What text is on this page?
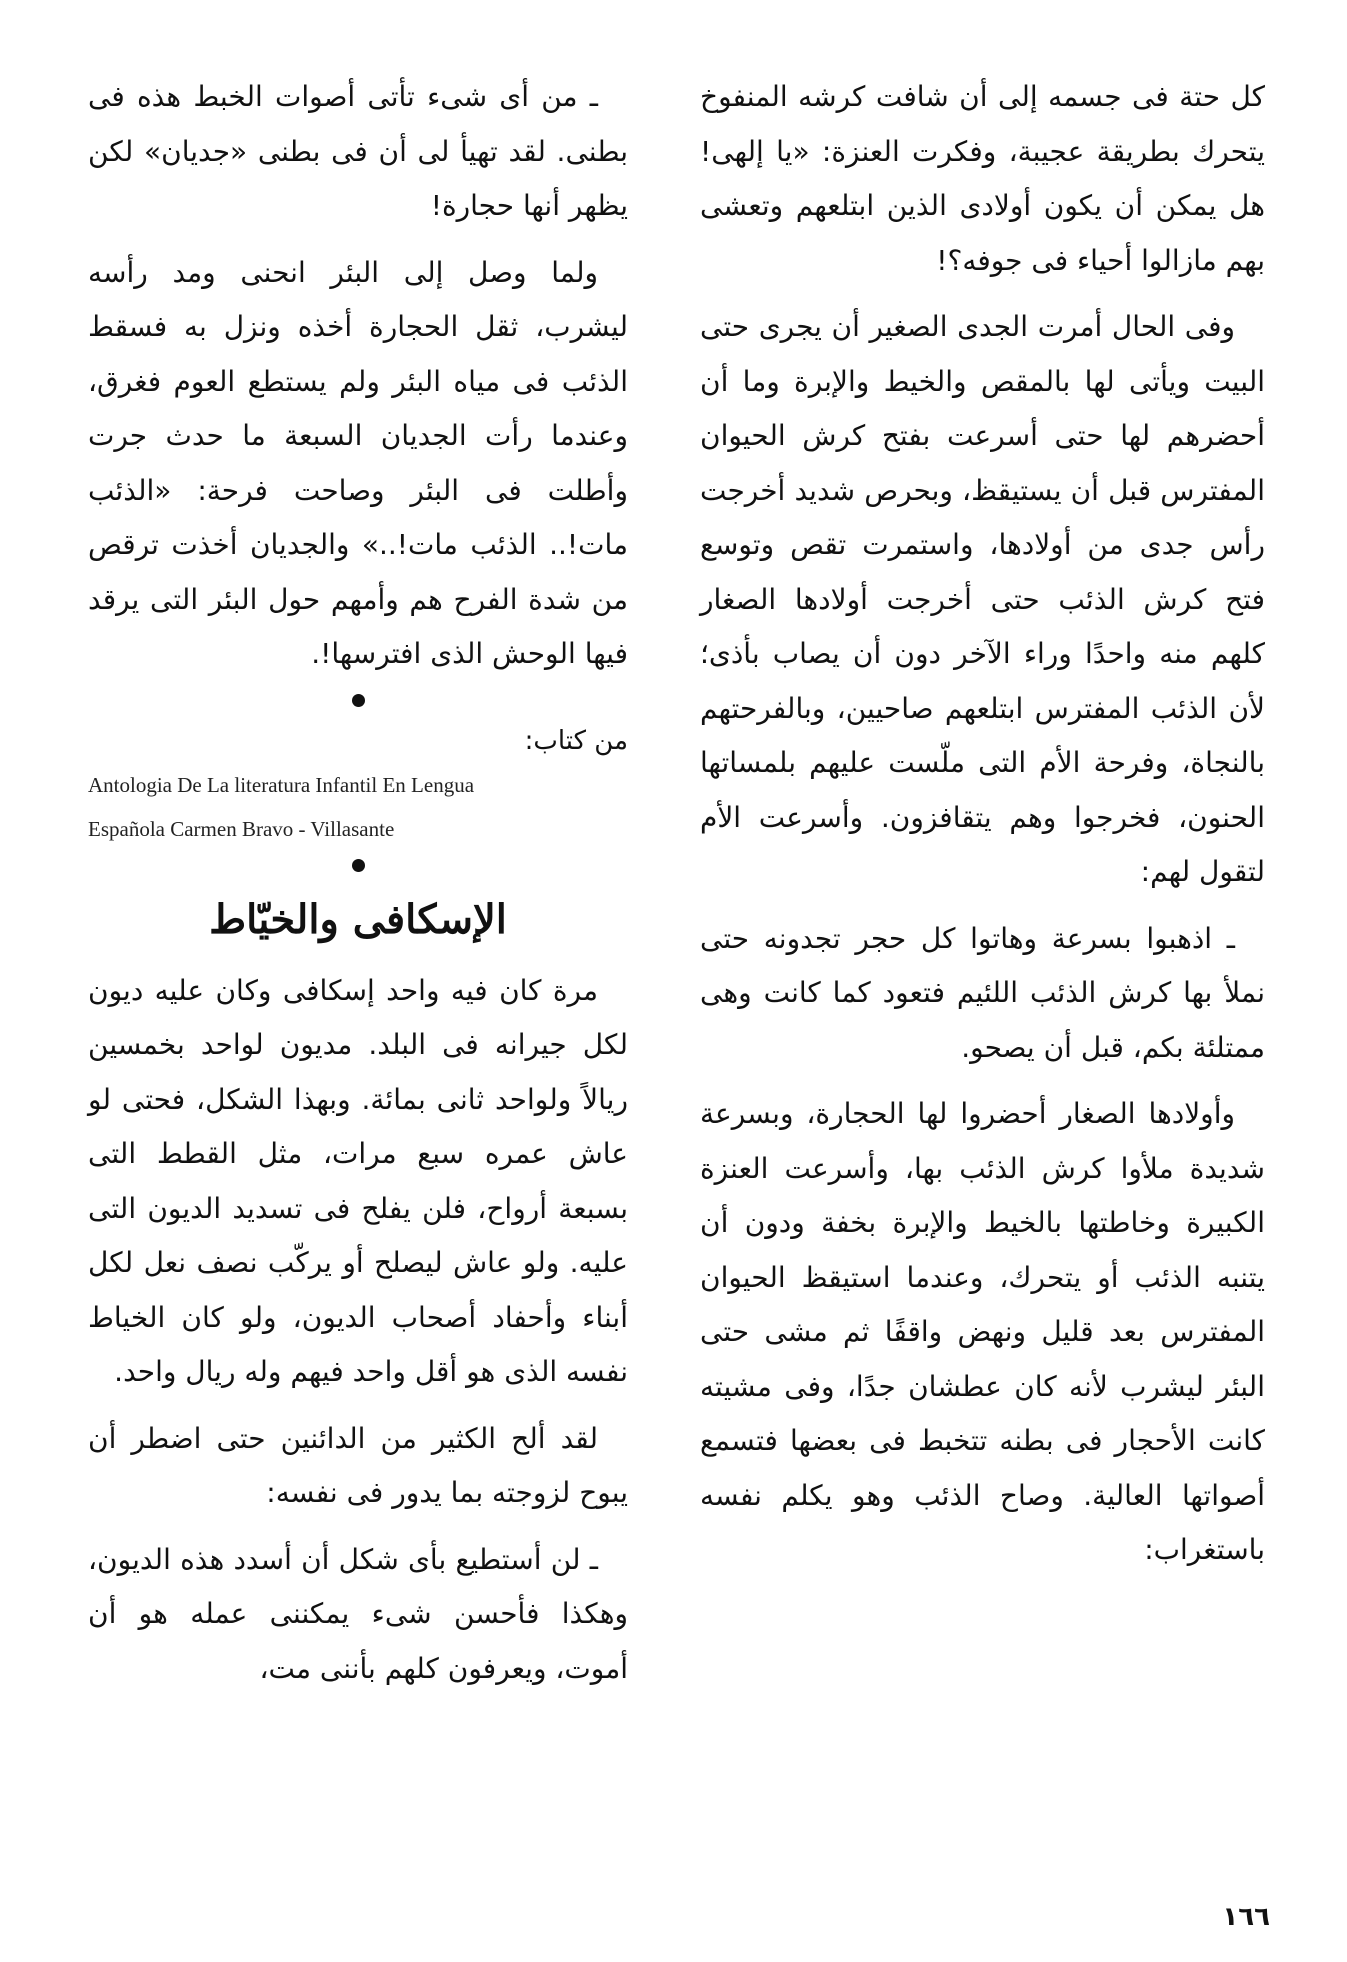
كل حتة فى جسمه إلى أن شافت كرشه المنفوخ يتحرك بطريقة عجيبة، وفكرت العنزة: «يا إلهى! هل يمكن أن يكون أولادى الذين ابتلعهم وتعشى بهم مازالوا أحياء فى جوفه؟!

وفى الحال أمرت الجدى الصغير أن يجرى حتى البيت ويأتى لها بالمقص والخيط والإبرة وما أن أحضرهم لها حتى أسرعت بفتح كرش الحيوان المفترس قبل أن يستيقظ، وبحرص شديد أخرجت رأس جدى من أولادها، واستمرت تقص وتوسع فتح كرش الذئب حتى أخرجت أولادها الصغار كلهم منه واحدًا وراء الآخر دون أن يصاب بأذى؛ لأن الذئب المفترس ابتلعهم صاحيين، وبالفرحتهم بالنجاة، وفرحة الأم التى ملّست عليهم بلمساتها الحنون، فخرجوا وهم يتقافزون. وأسرعت الأم لتقول لهم:

ـ اذهبوا بسرعة وهاتوا كل حجر تجدونه حتى نملأ بها كرش الذئب اللئيم فتعود كما كانت وهى ممتلئة بكم، قبل أن يصحو.

وأولادها الصغار أحضروا لها الحجارة، وبسرعة شديدة ملأوا كرش الذئب بها، وأسرعت العنزة الكبيرة وخاطتها بالخيط والإبرة بخفة ودون أن يتنبه الذئب أو يتحرك، وعندما استيقظ الحيوان المفترس بعد قليل ونهض واقفًا ثم مشى حتى البئر ليشرب لأنه كان عطشان جدًا، وفى مشيته كانت الأحجار فى بطنه تتخبط فى بعضها فتسمع أصواتها العالية. وصاح الذئب وهو يكلم نفسه باستغراب:

ـ من أى شىء تأتى أصوات الخبط هذه فى بطنى. لقد تهيأ لى أن فى بطنى «جديان» لكن يظهر أنها حجارة!

ولما وصل إلى البئر انحنى ومد رأسه ليشرب، ثقل الحجارة أخذه ونزل به فسقط الذئب فى مياه البئر ولم يستطع العوم فغرق، وعندما رأت الجديان السبعة ما حدث جرت وأطلت فى البئر وصاحت فرحة: «الذئب مات!.. الذئب مات!..» والجديان أخذت ترقص من شدة الفرح هم وأمهم حول البئر التى يرقد فيها الوحش الذى افترسها!.

من كتاب:
Antologia De La literatura Infantil En Lengua
Española Carmen Bravo - Villasante
الإسكافى والخيّاط

مرة كان فيه واحد إسكافى وكان عليه ديون لكل جيرانه فى البلد. مديون لواحد بخمسين ريالاً ولواحد ثانى بمائة. وبهذا الشكل، فحتى لو عاش عمره سبع مرات، مثل القطط التى بسبعة أرواح، فلن يفلح فى تسديد الديون التى عليه. ولو عاش ليصلح أو يركّب نصف نعل لكل أبناء وأحفاد أصحاب الديون، ولو كان الخياط نفسه الذى هو أقل واحد فيهم وله ريال واحد.

لقد ألح الكثير من الدائنين حتى اضطر أن يبوح لزوجته بما يدور فى نفسه:

ـ لن أستطيع بأى شكل أن أسدد هذه الديون، وهكذا فأحسن شىء يمكننى عمله هو أن أموت، ويعرفون كلهم بأننى مت،

١٦٦
